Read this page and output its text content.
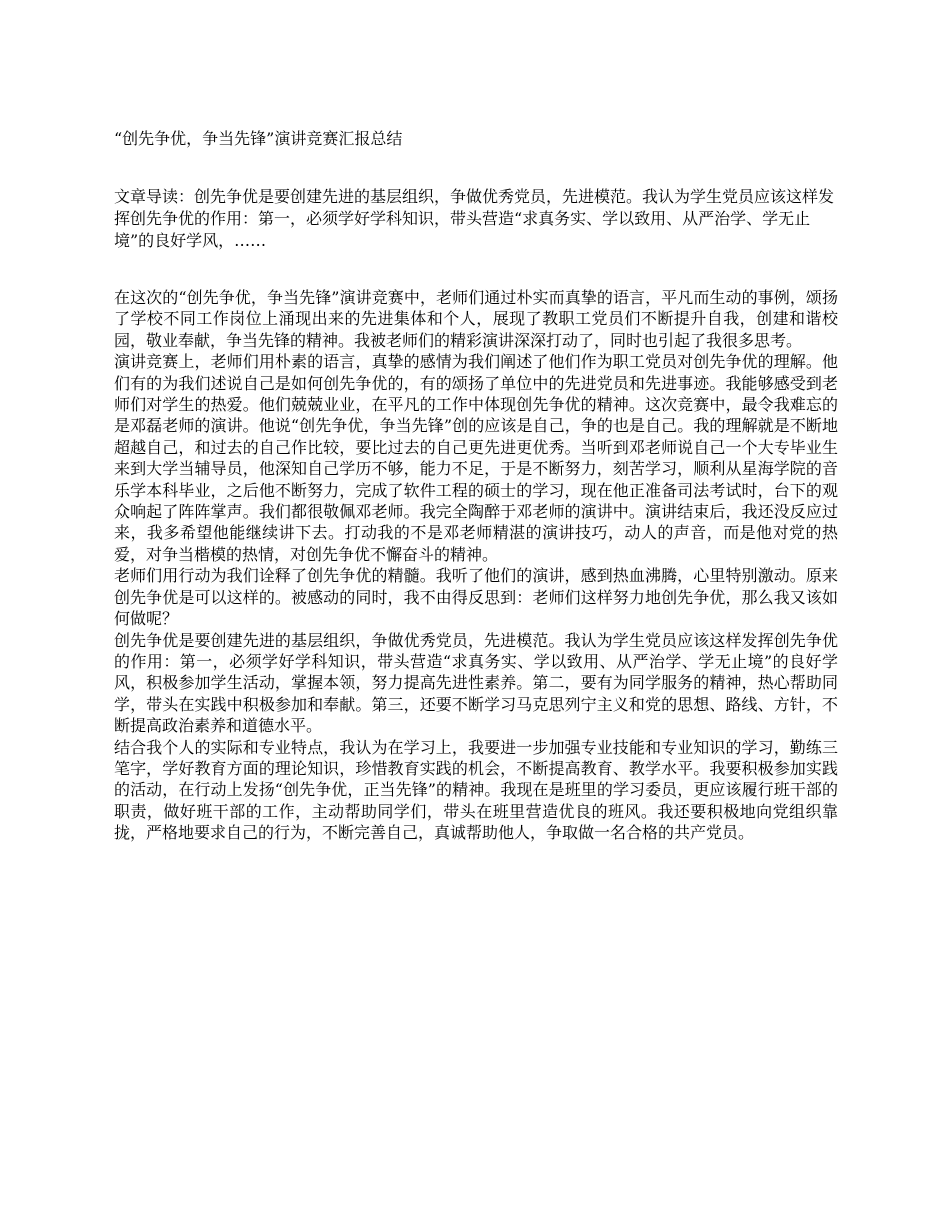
“创先争优，争当先锋”演讲竞赛汇报总结

文章导读：创先争优是要创建先进的基层组织，争做优秀党员，先进模范。我认为学生党员应该这样发挥创先争优的作用：第一，必须学好学科知识，带头营造“求真务实、学以致用、从严治学、学无止境”的良好学风，……

在这次的“创先争优，争当先锋”演讲竞赛中，老师们通过朴实而真挚的语言，平凡而生动的事例，颂扬了学校不同工作岗位上涌现出来的先进集体和个人，展现了教职工党员们不断提升自我，创建和谐校园，敬业奉献，争当先锋的精神。我被老师们的精彩演讲深深打动了，同时也引起了我很多思考。

演讲竞赛上，老师们用朴素的语言，真挚的感情为我们阐述了他们作为职工党员对创先争优的理解。他们有的为我们述说自己是如何创先争优的，有的颂扬了单位中的先进党员和先进事迹。我能够感受到老师们对学生的热爱。他们兢兢业业，在平凡的工作中体现创先争优的精神。这次竞赛中，最令我难忘的是邓磊老师的演讲。他说“创先争优，争当先锋”创的应该是自己，争的也是自己。我的理解就是不断地超越自己，和过去的自己作比较，要比过去的自己更先进更优秀。当听到邓老师说自己一个大专毕业生来到大学当辅导员，他深知自己学历不够，能力不足，于是不断努力，刻苦学习，顺利从星海学院的音乐学本科毕业，之后他不断努力，完成了软件工程的硕士的学习，现在他正准备司法考试时，台下的观众响起了阵阵掌声。我们都很敬佩邓老师。我完全陶醉于邓老师的演讲中。演讲结束后，我还没反应过来，我多希望他能继续讲下去。打动我的不是邓老师精湛的演讲技巧，动人的声音，而是他对党的热爱，对争当楷模的热情，对创先争优不懈奋斗的精神。

老师们用行动为我们诠释了创先争优的精髓。我听了他们的演讲，感到热血沸腾，心里特别激动。原来创先争优是可以这样的。被感动的同时，我不由得反思到：老师们这样努力地创先争优，那么我又该如何做呢？

创先争优是要创建先进的基层组织，争做优秀党员，先进模范。我认为学生党员应该这样发挥创先争优的作用：第一，必须学好学科知识，带头营造“求真务实、学以致用、从严治学、学无止境”的良好学风，积极参加学生活动，掌握本领，努力提高先进性素养。第二，要有为同学服务的精神，热心帮助同学，带头在实践中积极参加和奉献。第三，还要不断学习马克思列宁主义和党的思想、路线、方针，不断提高政治素养和道德水平。

结合我个人的实际和专业特点，我认为在学习上，我要进一步加强专业技能和专业知识的学习，勤练三笔字，学好教育方面的理论知识，珍惜教育实践的机会，不断提高教育、教学水平。我要积极参加实践的活动，在行动上发扬“创先争优，正当先锋”的精神。我现在是班里的学习委员，更应该履行班干部的职责，做好班干部的工作，主动帮助同学们，带头在班里营造优良的班风。我还要积极地向党组织靠拢，严格地要求自己的行为，不断完善自己，真诚帮助他人，争取做一名合格的共产党员。
